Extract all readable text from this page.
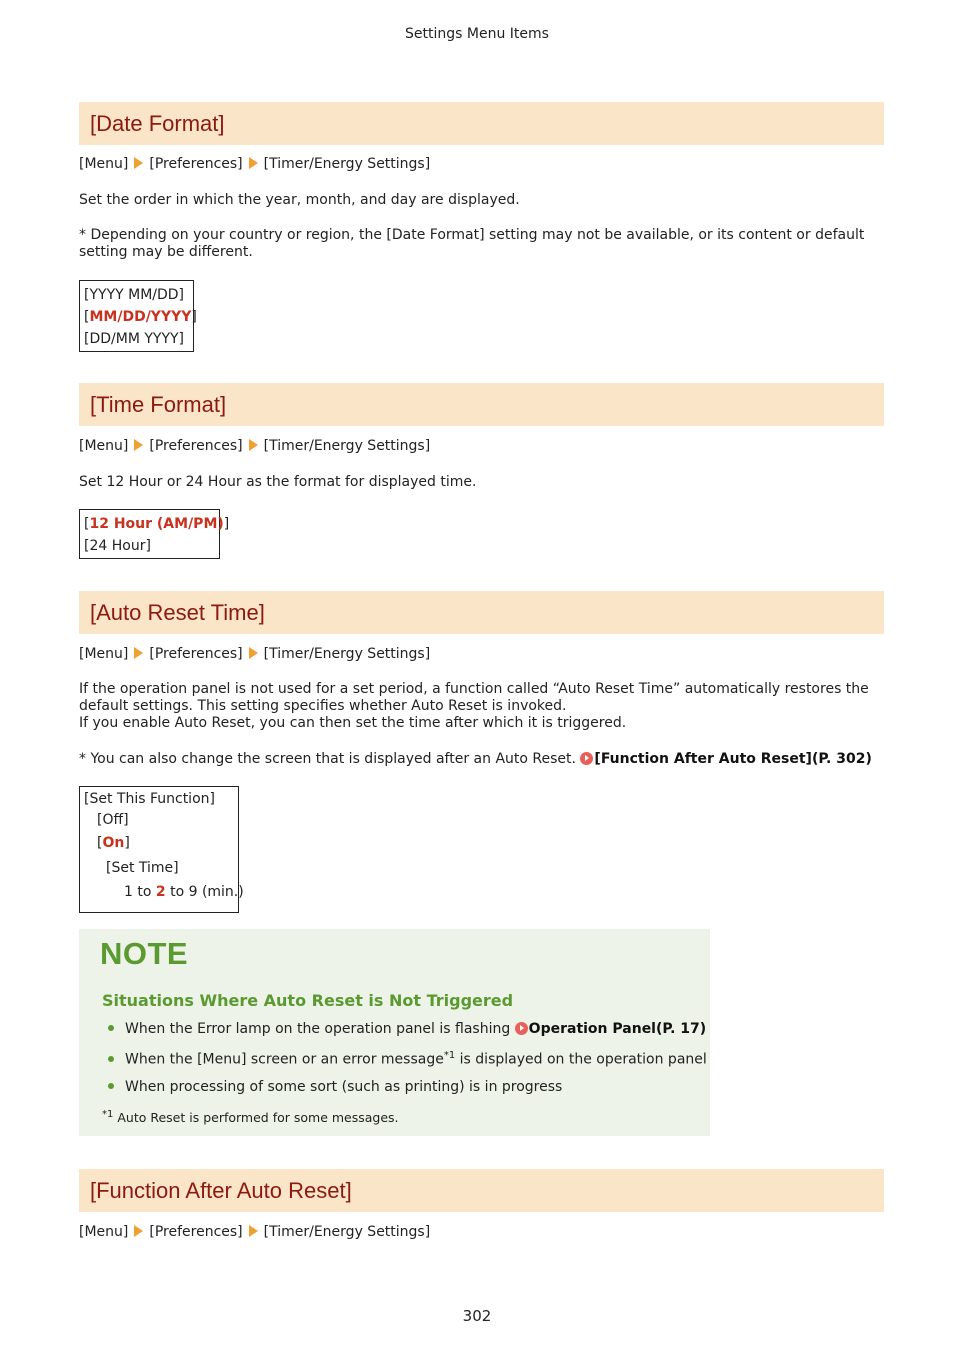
Settings Menu Items
[Date Format]
[Menu] [Preferences] [Timer/Energy Settings]
Set the order in which the year, month, and day are displayed.
* Depending on your country or region, the [Date Format] setting may not be available, or its content or default setting may be different.
[YYYY MM/DD]
[MM/DD/YYYY]
[DD/MM YYYY]
[Time Format]
[Menu] [Preferences] [Timer/Energy Settings]
Set 12 Hour or 24 Hour as the format for displayed time.
[12 Hour (AM/PM)]
[24 Hour]
[Auto Reset Time]
[Menu] [Preferences] [Timer/Energy Settings]
If the operation panel is not used for a set period, a function called “Auto Reset Time” automatically restores the default settings. This setting specifies whether Auto Reset is invoked.
If you enable Auto Reset, you can then set the time after which it is triggered.
* You can also change the screen that is displayed after an Auto Reset. [Function After Auto Reset](P. 302)
[Set This Function]
[Off]
[On]
[Set Time]
1 to 2 to 9 (min.)
NOTE
Situations Where Auto Reset is Not Triggered
When the Error lamp on the operation panel is flashing Operation Panel(P. 17)
When the [Menu] screen or an error message$^{*1}$ is displayed on the operation panel
When processing of some sort (such as printing) is in progress
$^{*1}$ Auto Reset is performed for some messages.
[Function After Auto Reset]
[Menu] [Preferences] [Timer/Energy Settings]
302
